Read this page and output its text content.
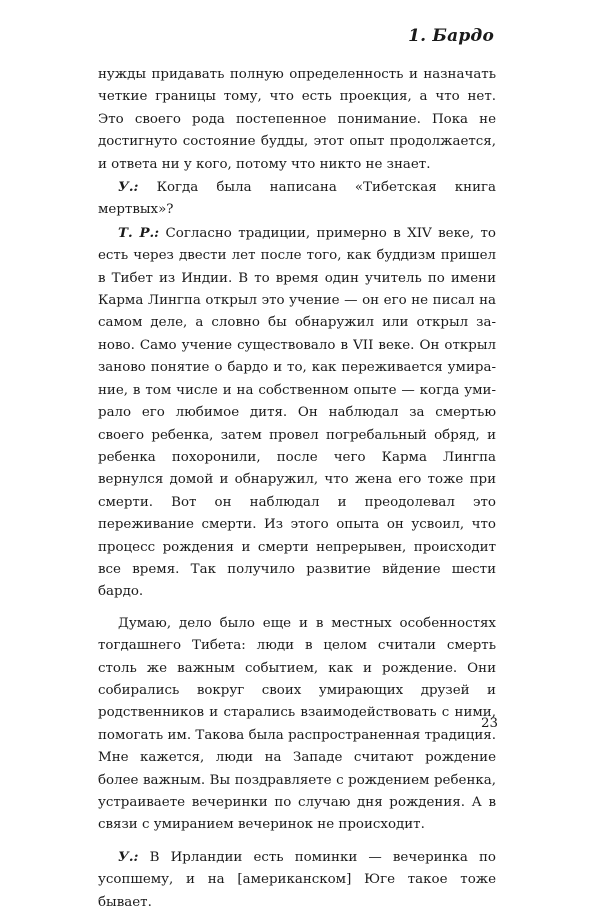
1. Бардо

нужды придавать полную определенность и назначать четкие границы тому, что есть проекция, а что нет. Это своего рода постепенное понимание. Пока не достигнуто состояние будды, этот опыт продолжается, и ответа ни у кого, потому что никто не знает.

У.: Когда была написана «Тибетская книга мертвых»?

Т. Р.: Согласно традиции, примерно в XIV веке, то есть через двести лет после того, как буддизм пришел в Тибет из Индии. В то время один учитель по имени Карма Лингпа открыл это учение — он его не писал на самом деле, а словно бы обнаружил или открыл заново. Само учение существовало в VII веке. Он открыл заново понятие о бардо и то, как переживается умирание, в том числе и на собственном опыте — когда умирало его любимое дитя. Он наблюдал за смертью своего ребенка, затем провел погребальный обряд, и ребенка похоронили, после чего Карма Лингпа вернулся домой и обнаружил, что жена его тоже при смерти. Вот он наблюдал и преодолевал это переживание смерти. Из этого опыта он усвоил, что процесс рождения и смерти непрерывен, происходит все время. Так получило развитие вйдение шести бардо.

Думаю, дело было еще и в местных особенностях тогдашнего Тибета: люди в целом считали смерть столь же важным событием, как и рождение. Они собирались вокруг своих умирающих друзей и родственников и старались взаимодействовать с ними, помогать им. Такова была распространенная традиция. Мне кажется, люди на Западе считают рождение более важным. Вы поздравляете с рождением ребенка, устраиваете вечеринки по случаю дня рождения. А в связи с умиранием вечеринок не происходит.

У.: В Ирландии есть поминки — вечеринка по усопшему, и на [американском] Юге такое тоже бывает.

23
